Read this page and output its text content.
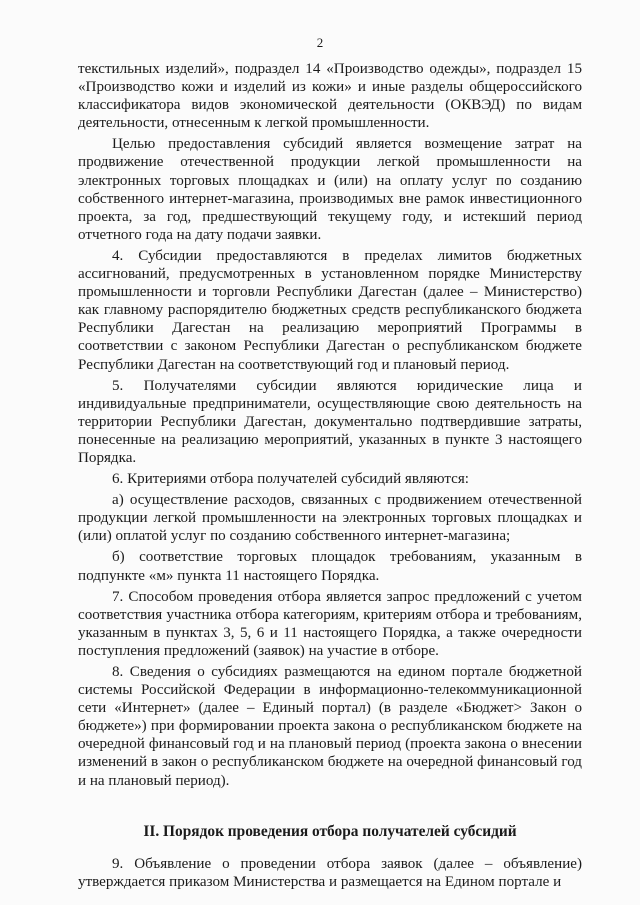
2

текстильных изделий», подраздел 14 «Производство одежды», подраздел 15 «Производство кожи и изделий из кожи» и иные разделы общероссийского классификатора видов экономической деятельности (ОКВЭД) по видам деятельности, отнесенным к легкой промышленности.

Целью предоставления субсидий является возмещение затрат на продвижение отечественной продукции легкой промышленности на электронных торговых площадках и (или) на оплату услуг по созданию собственного интернет-магазина, производимых вне рамок инвестиционного проекта, за год, предшествующий текущему году, и истекший период отчетного года на дату подачи заявки.

4. Субсидии предоставляются в пределах лимитов бюджетных ассигнований, предусмотренных в установленном порядке Министерству промышленности и торговли Республики Дагестан (далее – Министерство) как главному распорядителю бюджетных средств республиканского бюджета Республики Дагестан на реализацию мероприятий Программы в соответствии с законом Республики Дагестан о республиканском бюджете Республики Дагестан на соответствующий год и плановый период.

5. Получателями субсидии являются юридические лица и индивидуальные предприниматели, осуществляющие свою деятельность на территории Республики Дагестан, документально подтвердившие затраты, понесенные на реализацию мероприятий, указанных в пункте 3 настоящего Порядка.

6. Критериями отбора получателей субсидий являются:

а) осуществление расходов, связанных с продвижением отечественной продукции легкой промышленности на электронных торговых площадках и (или) оплатой услуг по созданию собственного интернет-магазина;

б) соответствие торговых площадок требованиям, указанным в подпункте «м» пункта 11 настоящего Порядка.

7. Способом проведения отбора является запрос предложений с учетом соответствия участника отбора категориям, критериям отбора и требованиям, указанным в пунктах 3, 5, 6 и 11 настоящего Порядка, а также очередности поступления предложений (заявок) на участие в отборе.

8. Сведения о субсидиях размещаются на едином портале бюджетной системы Российской Федерации в информационно-телекоммуникационной сети «Интернет» (далее – Единый портал) (в разделе «Бюджет> Закон о бюджете») при формировании проекта закона о республиканском бюджете на очередной финансовый год и на плановый период (проекта закона о внесении изменений в закон о республиканском бюджете на очередной финансовый год и на плановый период).

II. Порядок проведения отбора получателей субсидий

9. Объявление о проведении отбора заявок (далее – объявление) утверждается приказом Министерства и размещается на Едином портале и
